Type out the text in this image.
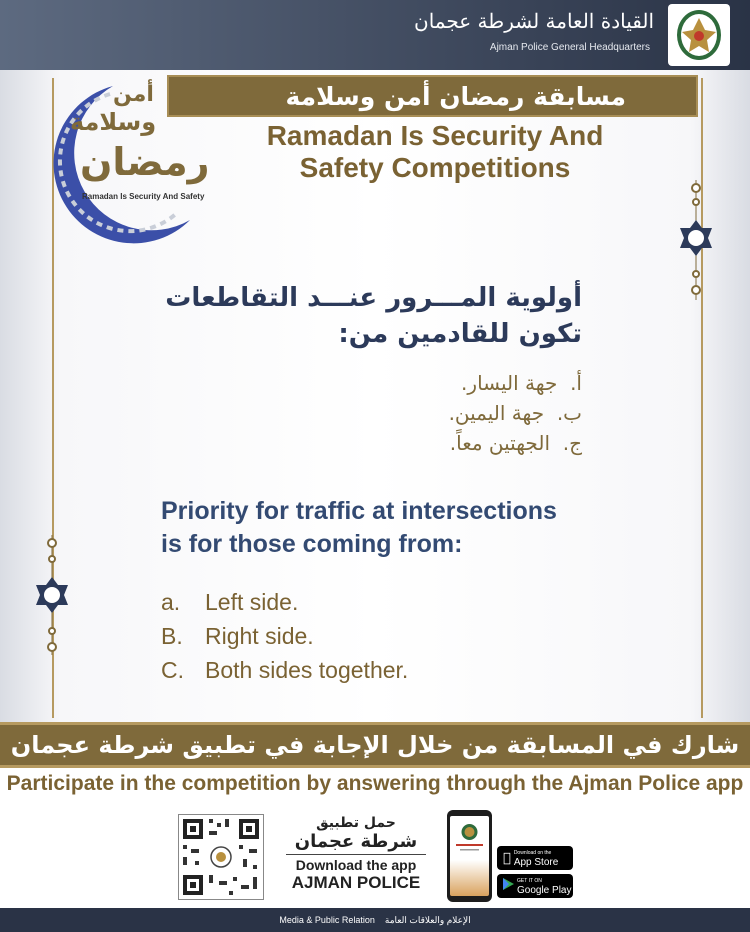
القيادة العامة لشرطة عجمان
Ajman Police General Headquarters
أمن
وسلامة
رمضان
Ramadan Is Security And Safety
مسابقة رمضان أمن وسلامة
Ramadan Is Security And
Safety Competitions
أولوية المـــرور عنـــد التقاطعات
تكون للقادمين من:
أ.  جهة اليسار.
ب.  جهة اليمين.
ج.  الجهتين معاً.
Priority for traffic at intersections
is for those coming from:
a.	Left side.
B. Right side.
C. Both sides together.
شارك في المسابقة من خلال الإجابة في تطبيق شرطة عجمان
Participate in the competition by answering through the Ajman Police app
حمل تطبيق
شرطة عجمان
Download the app
AJMAN POLICE
Download on the
App Store
GET IT ON
Google Play
Media & Public Relation الإعلام والعلاقات العامة
